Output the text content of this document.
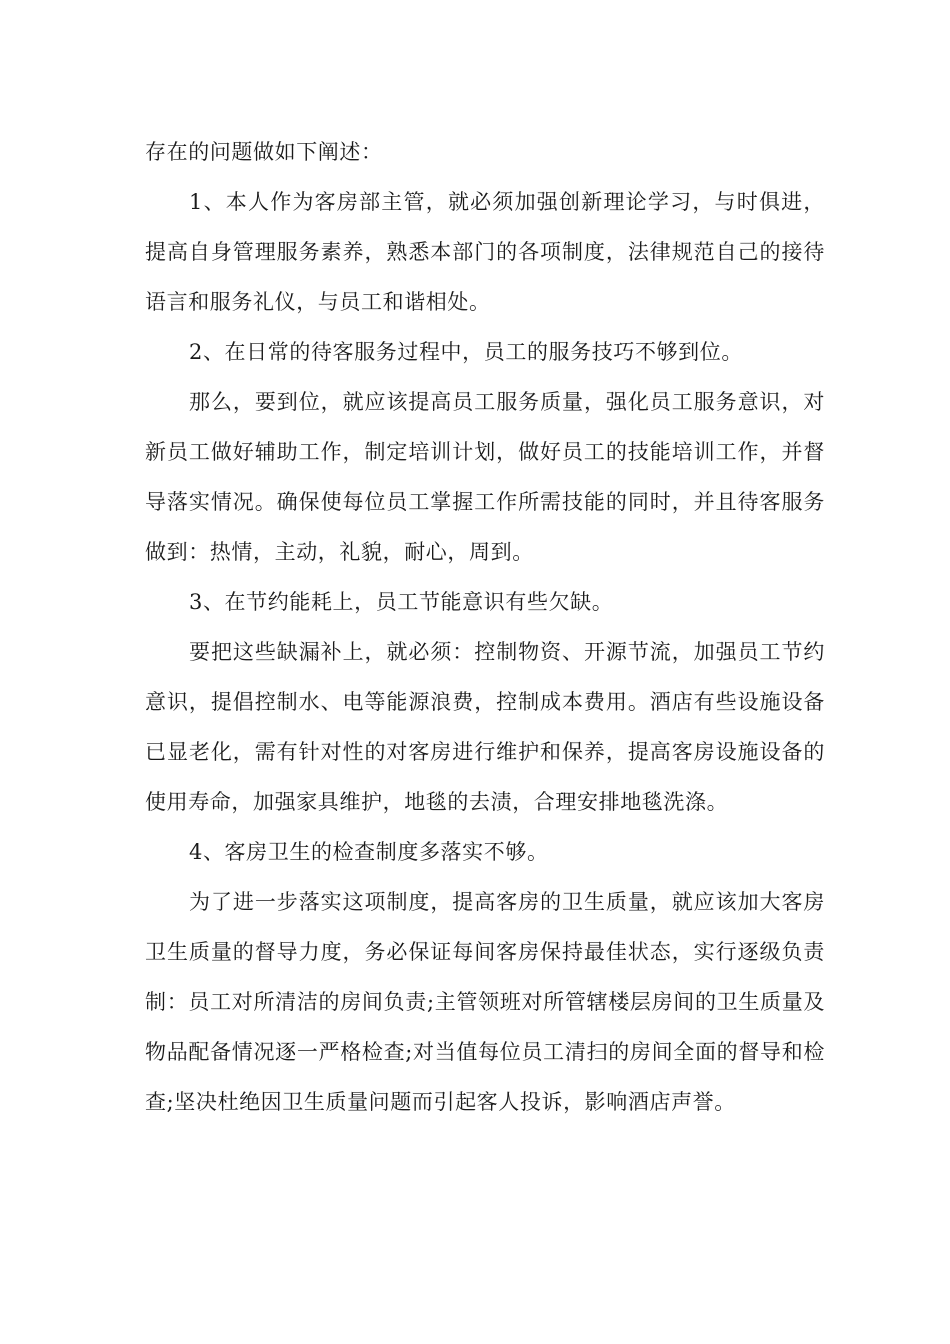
存在的问题做如下阐述：

1、本人作为客房部主管，就必须加强创新理论学习，与时俱进，提高自身管理服务素养，熟悉本部门的各项制度，法律规范自己的接待语言和服务礼仪，与员工和谐相处。

2、在日常的待客服务过程中，员工的服务技巧不够到位。

那么，要到位，就应该提高员工服务质量，强化员工服务意识，对新员工做好辅助工作，制定培训计划，做好员工的技能培训工作，并督导落实情况。确保使每位员工掌握工作所需技能的同时，并且待客服务做到：热情，主动，礼貌，耐心，周到。

3、在节约能耗上，员工节能意识有些欠缺。

要把这些缺漏补上，就必须：控制物资、开源节流，加强员工节约意识，提倡控制水、电等能源浪费，控制成本费用。酒店有些设施设备已显老化，需有针对性的对客房进行维护和保养，提高客房设施设备的使用寿命，加强家具维护，地毯的去渍，合理安排地毯洗涤。

4、客房卫生的检查制度多落实不够。

为了进一步落实这项制度，提高客房的卫生质量，就应该加大客房卫生质量的督导力度，务必保证每间客房保持最佳状态，实行逐级负责制：员工对所清洁的房间负责;主管领班对所管辖楼层房间的卫生质量及物品配备情况逐一严格检查;对当值每位员工清扫的房间全面的督导和检查;坚决杜绝因卫生质量问题而引起客人投诉，影响酒店声誉。
